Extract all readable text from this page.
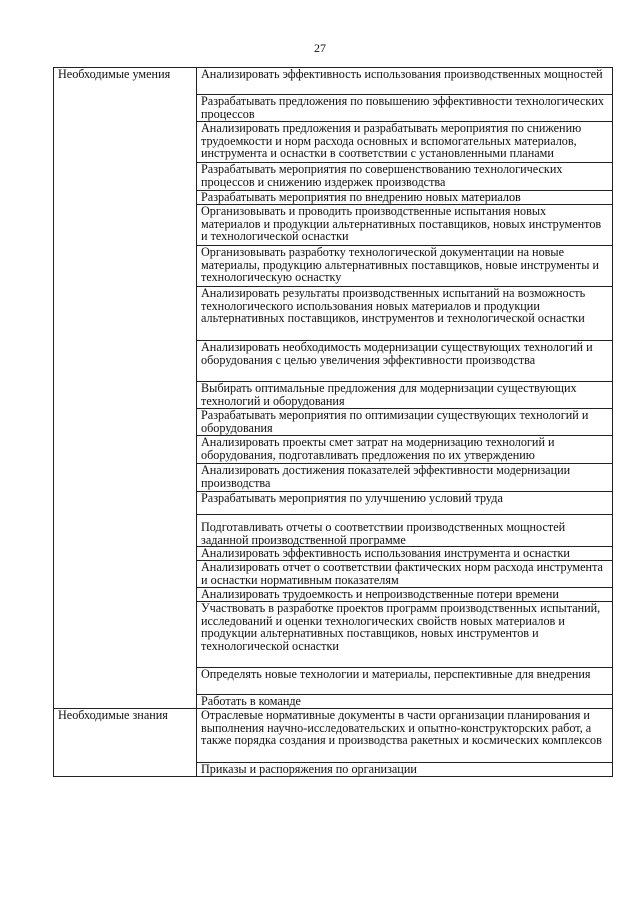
27
Необходимые умения	Анализировать эффективность использования производственных мощностей
	Разрабатывать предложения по повышению эффективности технологических процессов
	Анализировать предложения и разрабатывать мероприятия по снижению трудоемкости и норм расхода основных и вспомогательных материалов, инструмента и оснастки в соответствии с установленными планами
	Разрабатывать мероприятия по совершенствованию технологических процессов и снижению издержек производства
	Разрабатывать мероприятия по внедрению новых материалов
	Организовывать и проводить производственные испытания новых материалов и продукции альтернативных поставщиков, новых инструментов и технологической оснастки
	Организовывать разработку технологической документации на новые материалы, продукцию альтернативных поставщиков, новые инструменты и технологическую оснастку
	Анализировать результаты производственных испытаний на возможность технологического использования новых материалов и продукции альтернативных поставщиков, инструментов и технологической оснастки
	Анализировать необходимость модернизации существующих технологий и оборудования с целью увеличения эффективности производства
	Выбирать оптимальные предложения для модернизации существующих технологий и оборудования
	Разрабатывать мероприятия по оптимизации существующих технологий и оборудования
	Анализировать проекты смет затрат на модернизацию технологий и оборудования, подготавливать предложения по их утверждению
	Анализировать достижения показателей эффективности модернизации производства
	Разрабатывать мероприятия по улучшению условий труда
	Подготавливать отчеты о соответствии производственных мощностей заданной производственной программе
	Анализировать эффективность использования инструмента и оснастки
	Анализировать отчет о соответствии фактических норм расхода инструмента и оснастки нормативным показателям
	Анализировать трудоемкость и непроизводственные потери времени
	Участвовать в разработке проектов программ производственных испытаний, исследований и оценки технологических свойств новых материалов и продукции альтернативных поставщиков, новых инструментов и технологической оснастки
	Определять новые технологии и материалы, перспективные для внедрения
	Работать в команде
Необходимые знания	Отраслевые нормативные документы в части организации планирования и выполнения научно-исследовательских и опытно-конструкторских работ, а также порядка создания и производства ракетных и космических комплексов
	Приказы и распоряжения по организации
